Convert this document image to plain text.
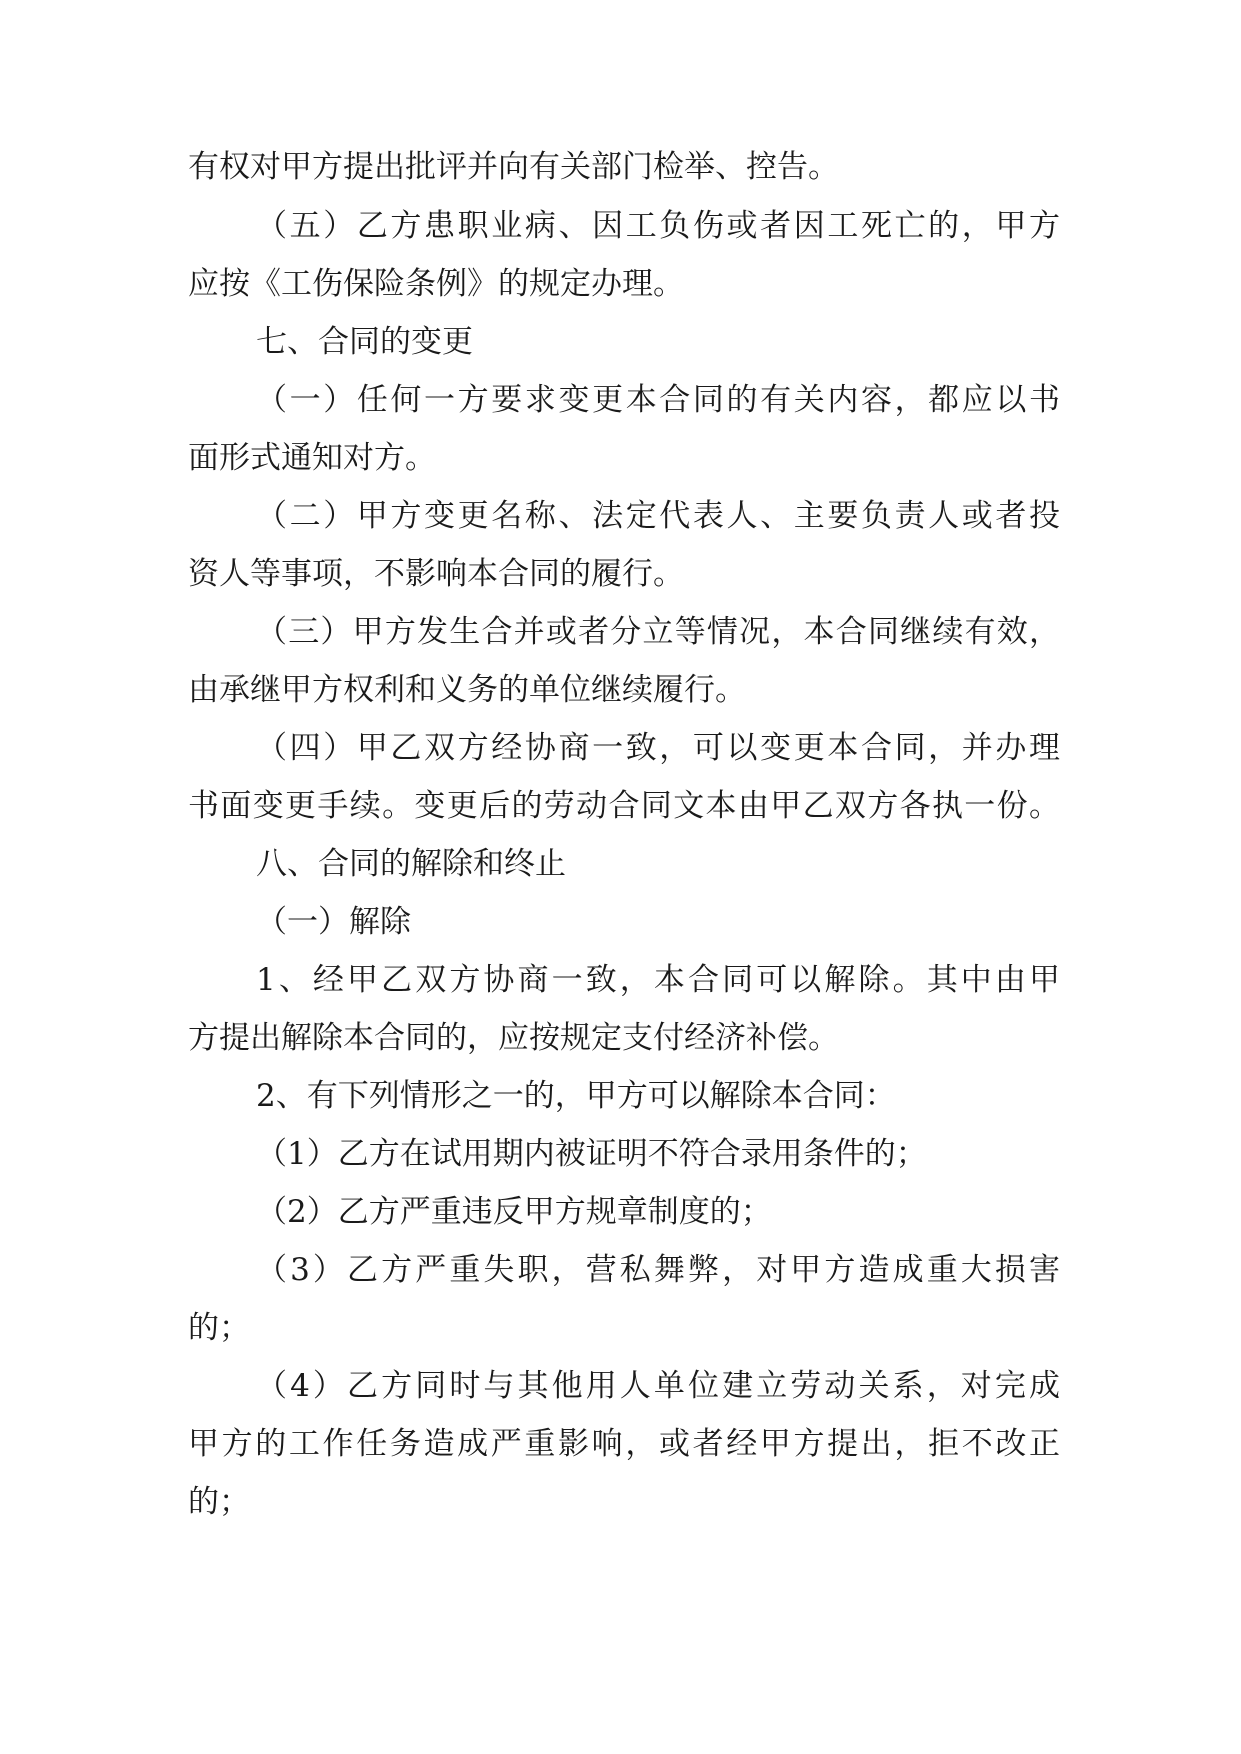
有权对甲方提出批评并向有关部门检举、控告。
（五）乙方患职业病、因工负伤或者因工死亡的，甲方
应按《工伤保险条例》的规定办理。
七、合同的变更
（一）任何一方要求变更本合同的有关内容，都应以书
面形式通知对方。
（二）甲方变更名称、法定代表人、主要负责人或者投
资人等事项，不影响本合同的履行。
（三）甲方发生合并或者分立等情况，本合同继续有效，
由承继甲方权利和义务的单位继续履行。
（四）甲乙双方经协商一致，可以变更本合同，并办理
书面变更手续。变更后的劳动合同文本由甲乙双方各执一份。
八、合同的解除和终止
（一）解除
1、经甲乙双方协商一致，本合同可以解除。其中由甲
方提出解除本合同的，应按规定支付经济补偿。
2、有下列情形之一的，甲方可以解除本合同：
（1）乙方在试用期内被证明不符合录用条件的；
（2）乙方严重违反甲方规章制度的；
（3）乙方严重失职，营私舞弊，对甲方造成重大损害
的；
（4）乙方同时与其他用人单位建立劳动关系，对完成
甲方的工作任务造成严重影响，或者经甲方提出，拒不改正
的；
